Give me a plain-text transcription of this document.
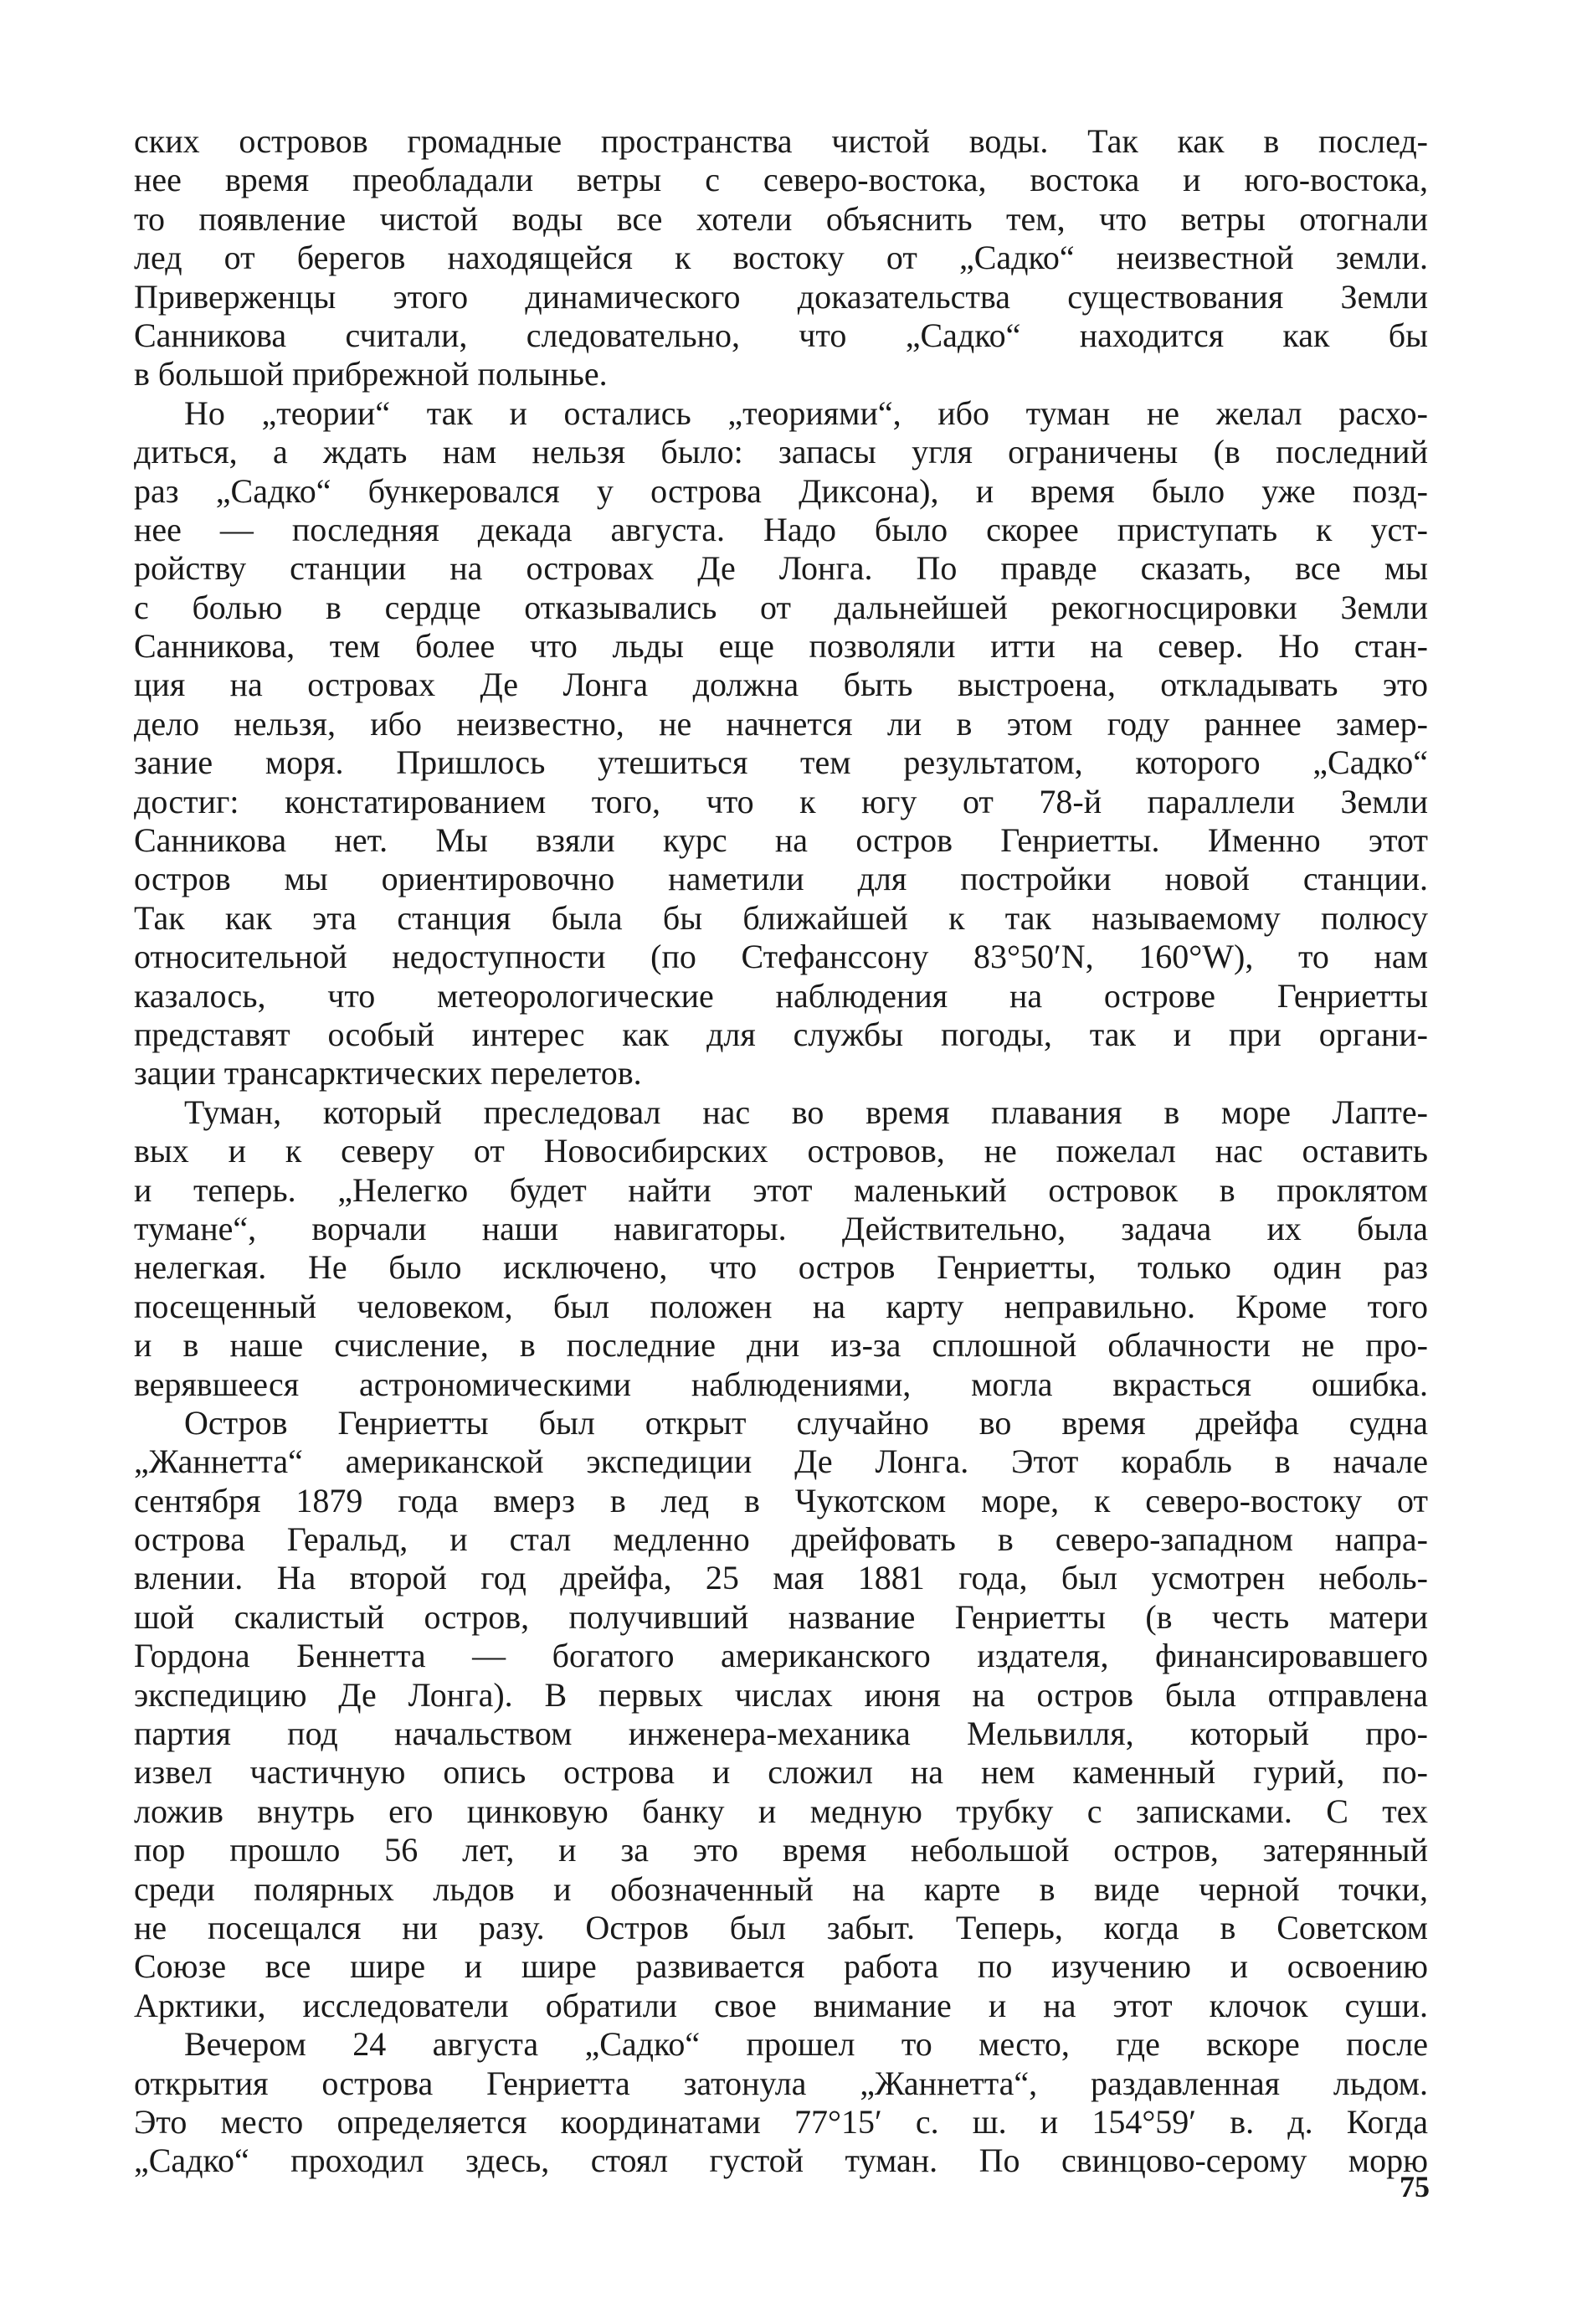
ских островов громадные пространства чистой воды. Так как в послед-
нее время преобладали ветры с северо-востока, востока и юго-востока,
то появление чистой воды все хотели объяснить тем, что ветры отогнали
лед от берегов находящейся к востоку от „Садко“ неизвестной земли.
Приверженцы этого динамического доказательства существования Земли
Санникова считали, следовательно, что „Садко“ находится как бы
в большой прибрежной полынье.
Но „теории“ так и остались „теориями“, ибо туман не желал расхо-
диться, а ждать нам нельзя было: запасы угля ограничены (в последний
раз „Садко“ бункеровался у острова Диксона), и время было уже позд-
нее — последняя декада августа. Надо было скорее приступать к уст-
ройству станции на островах Де Лонга. По правде сказать, все мы
с болью в сердце отказывались от дальнейшей рекогносцировки Земли
Санникова, тем более что льды еще позволяли итти на север. Но стан-
ция на островах Де Лонга должна быть выстроена, откладывать это
дело нельзя, ибо неизвестно, не начнется ли в этом году раннее замер-
зание моря. Пришлось утешиться тем результатом, которого „Садко“
достиг: констатированием того, что к югу от 78-й параллели Земли
Санникова нет. Мы взяли курс на остров Генриетты. Именно этот
остров мы ориентировочно наметили для постройки новой станции.
Так как эта станция была бы ближайшей к так называемому полюсу
относительной недоступности (по Стефанссону 83°50′N, 160°W), то нам
казалось, что метеорологические наблюдения на острове Генриетты
представят особый интерес как для службы погоды, так и при органи-
зации трансарктических перелетов.
Туман, который преследовал нас во время плавания в море Лапте-
вых и к северу от Новосибирских островов, не пожелал нас оставить
и теперь. „Нелегко будет найти этот маленький островок в проклятом
тумане“, ворчали наши навигаторы. Действительно, задача их была
нелегкая. Не было исключено, что остров Генриетты, только один раз
посещенный человеком, был положен на карту неправильно. Кроме того
и в наше счисление, в последние дни из-за сплошной облачности не про-
верявшееся астрономическими наблюдениями, могла вкрасться ошибка.
Остров Генриетты был открыт случайно во время дрейфа судна
„Жаннетта“ американской экспедиции Де Лонга. Этот корабль в начале
сентября 1879 года вмерз в лед в Чукотском море, к северо-востоку от
острова Геральд, и стал медленно дрейфовать в северо-западном напра-
влении. На второй год дрейфа, 25 мая 1881 года, был усмотрен неболь-
шой скалистый остров, получивший название Генриетты (в честь матери
Гордона Беннетта — богатого американского издателя, финансировавшего
экспедицию Де Лонга). В первых числах июня на остров была отправлена
партия под начальством инженера-механика Мельвилля, который про-
извел частичную опись острова и сложил на нем каменный гурий, по-
ложив внутрь его цинковую банку и медную трубку с записками. С тех
пор прошло 56 лет, и за это время небольшой остров, затерянный
среди полярных льдов и обозначенный на карте в виде черной точки,
не посещался ни разу. Остров был забыт. Теперь, когда в Советском
Союзе все шире и шире развивается работа по изучению и освоению
Арктики, исследователи обратили свое внимание и на этот клочок суши.
Вечером 24 августа „Садко“ прошел то место, где вскоре после
открытия острова Генриетта затонула „Жаннетта“, раздавленная льдом.
Это место определяется координатами 77°15′ с. ш. и 154°59′ в. д. Когда
„Садко“ проходил здесь, стоял густой туман. По свинцово-серому морю
75
